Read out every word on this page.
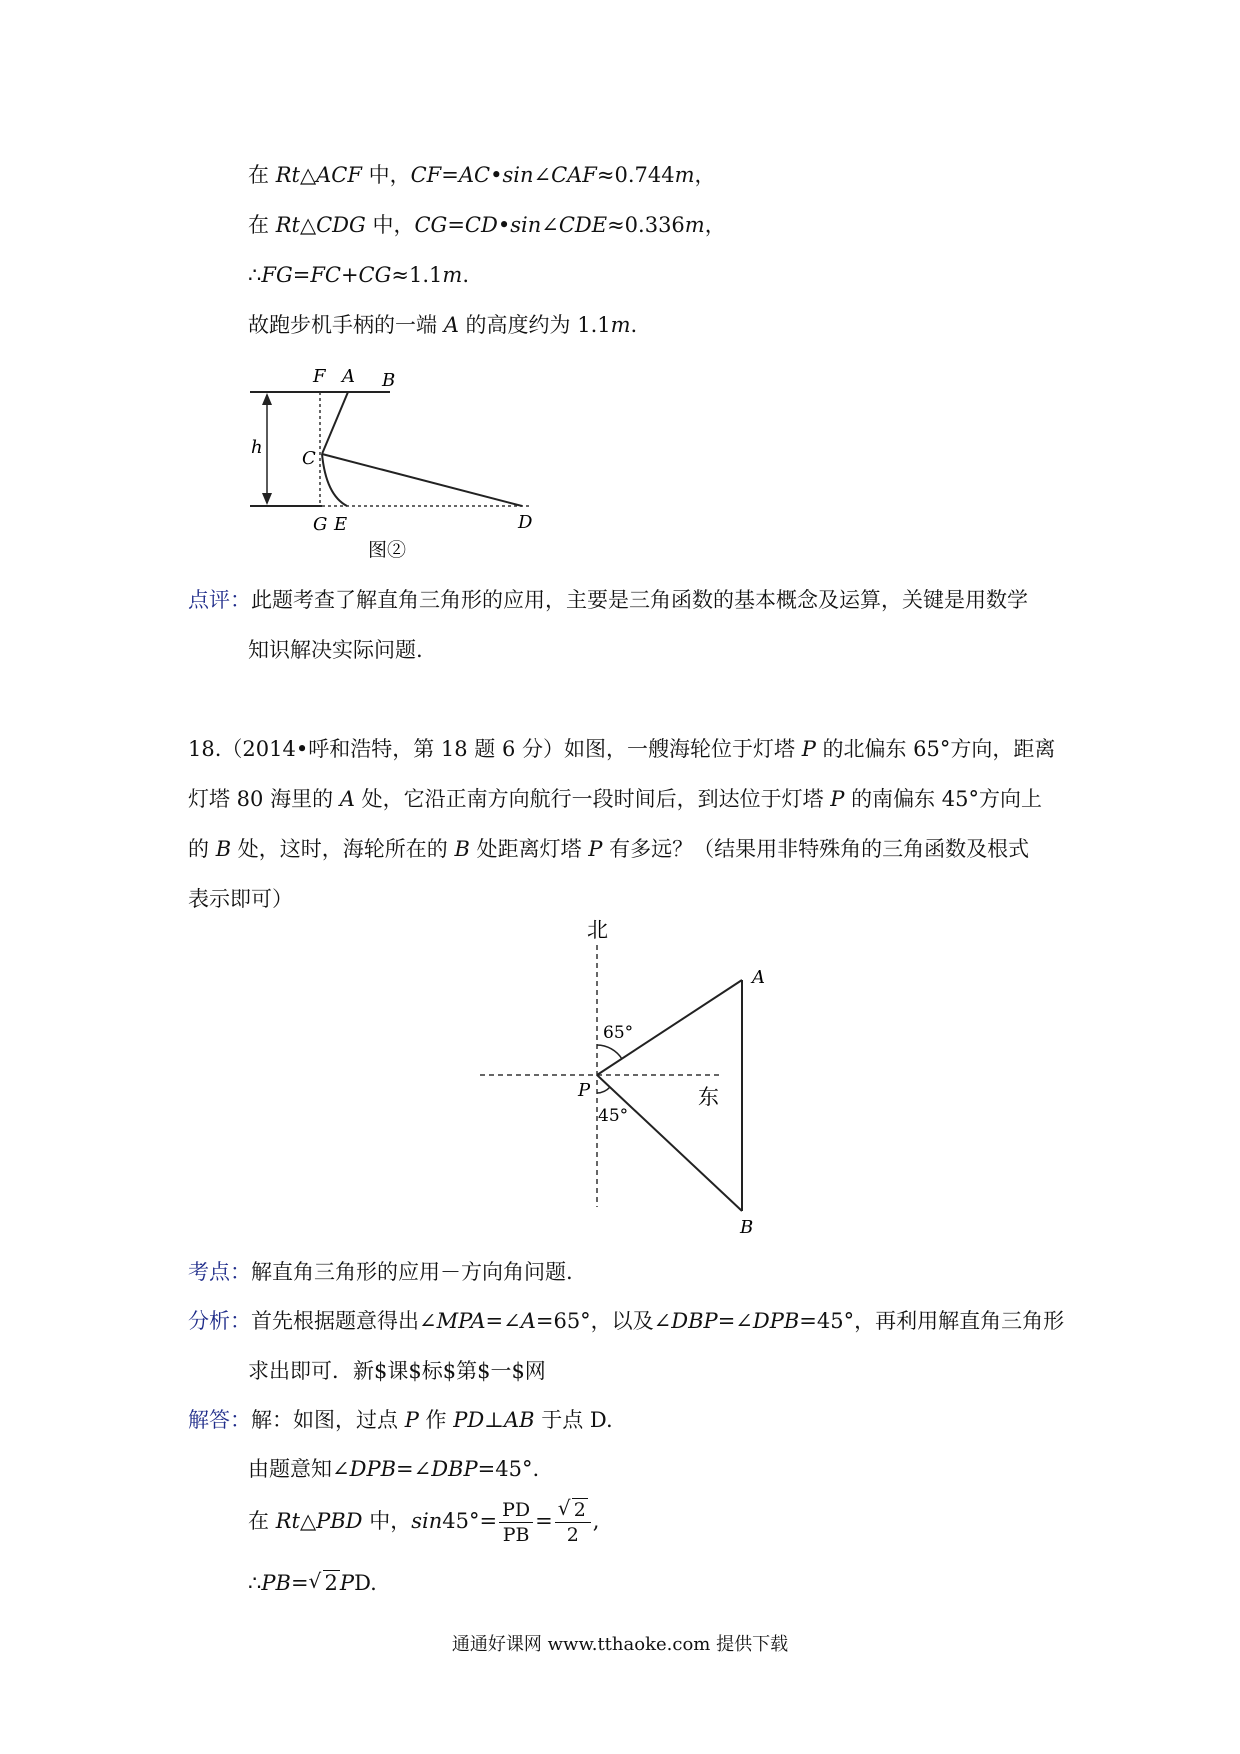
在 Rt△ACF 中，CF=AC•sin∠CAF≈0.744m，
在 Rt△CDG 中，CG=CD•sin∠CDE≈0.336m，
∴FG=FC+CG≈1.1m.
故跑步机手柄的一端 A 的高度约为 1.1m.
F A B
h
C
G E	D
图②
点评：此题考查了解直角三角形的应用，主要是三角函数的基本概念及运算，关键是用数学
知识解决实际问题.
18.（2014•呼和浩特，第 18 题 6 分）如图，一艘海轮位于灯塔 P 的北偏东 65°方向，距离
灯塔 80 海里的 A 处，它沿正南方向航行一段时间后，到达位于灯塔 P 的南偏东 45°方向上
的 B 处，这时，海轮所在的 B 处距离灯塔 P 有多远？（结果用非特殊角的三角函数及根式
表示即可）
北
东
A
B
P
65°
45°
考点：解直角三角形的应用－方向角问题.
分析：首先根据题意得出∠MPA=∠A=65°，以及∠DBP=∠DPB=45°，再利用解直角三角形
求出即可．新$课$标$第$一$网
解答：解：如图，过点 P 作 PD⊥AB 于点 D.
由题意知∠DPB=∠DBP=45°.
在 Rt△PBD 中，$\sin 45^\circ= \frac{PD}{PB} = \frac{√ 2}{2}$ ,
∴PB= √ 2PD.
通通好课网 www.tthaoke.com 提供下载
